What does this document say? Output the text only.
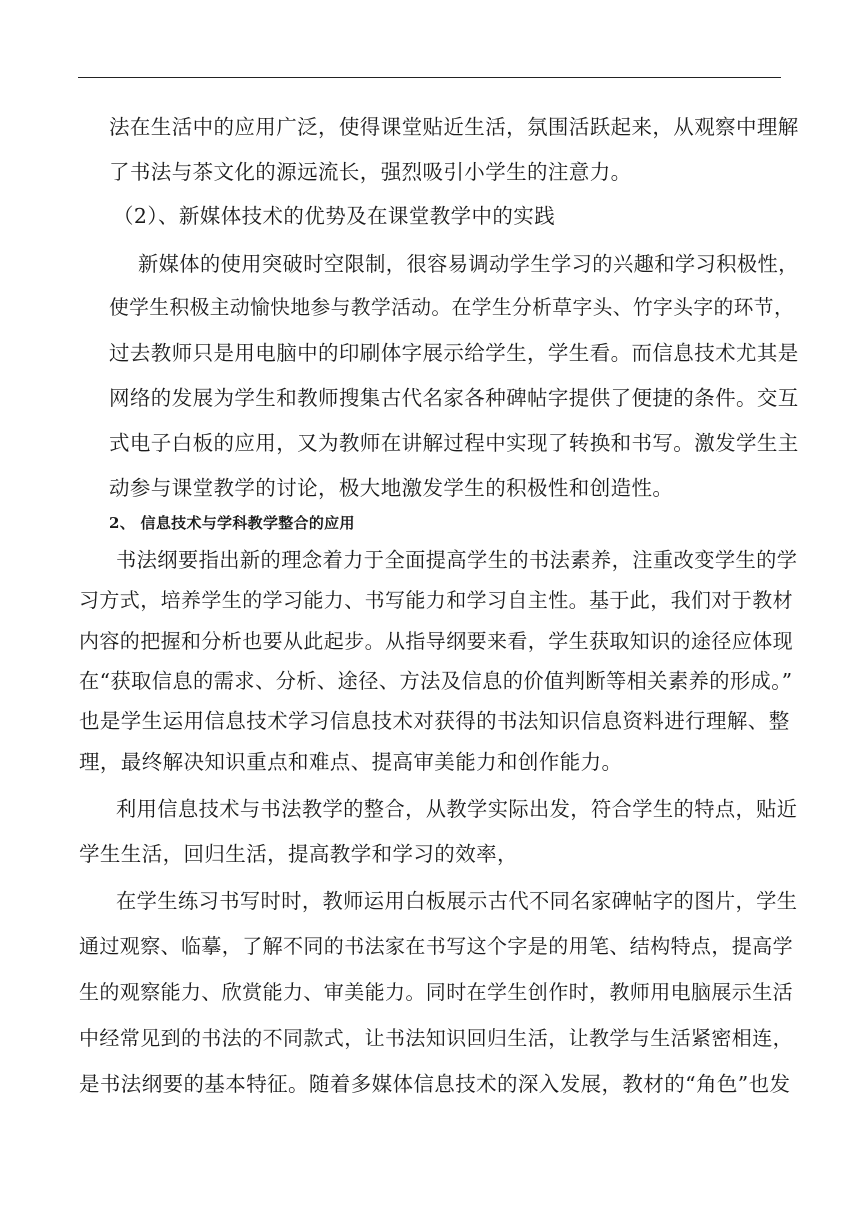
法在生活中的应用广泛，使得课堂贴近生活，氛围活跃起来，从观察中理解
了书法与茶文化的源远流长，强烈吸引小学生的注意力。
（2）、新媒体技术的优势及在课堂教学中的实践
新媒体的使用突破时空限制，很容易调动学生学习的兴趣和学习积极性，
使学生积极主动愉快地参与教学活动。在学生分析草字头、竹字头字的环节，
过去教师只是用电脑中的印刷体字展示给学生，学生看。而信息技术尤其是
网络的发展为学生和教师搜集古代名家各种碑帖字提供了便捷的条件。交互
式电子白板的应用，又为教师在讲解过程中实现了转换和书写。激发学生主
动参与课堂教学的讨论，极大地激发学生的积极性和创造性。
2、 信息技术与学科教学整合的应用
书法纲要指出新的理念着力于全面提高学生的书法素养，注重改变学生的学
习方式，培养学生的学习能力、书写能力和学习自主性。基于此，我们对于教材
内容的把握和分析也要从此起步。从指导纲要来看，学生获取知识的途径应体现
在“获取信息的需求、分析、途径、方法及信息的价值判断等相关素养的形成。”
也是学生运用信息技术学习信息技术对获得的书法知识信息资料进行理解、整
理，最终解决知识重点和难点、提高审美能力和创作能力。
利用信息技术与书法教学的整合，从教学实际出发，符合学生的特点，贴近
学生生活，回归生活，提高教学和学习的效率，
在学生练习书写时时，教师运用白板展示古代不同名家碑帖字的图片，学生
通过观察、临摹，了解不同的书法家在书写这个字是的用笔、结构特点，提高学
生的观察能力、欣赏能力、审美能力。同时在学生创作时，教师用电脑展示生活
中经常见到的书法的不同款式，让书法知识回归生活，让教学与生活紧密相连，
是书法纲要的基本特征。随着多媒体信息技术的深入发展，教材的“角色”也发
